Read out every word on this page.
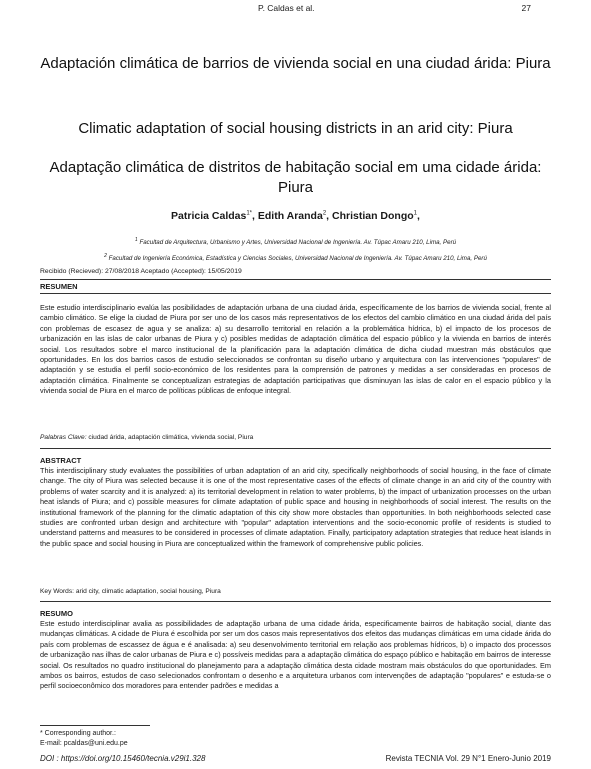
P. Caldas et al.	27
Adaptación climática de barrios de vivienda social en una ciudad árida: Piura
Climatic adaptation of social housing districts in an arid city: Piura
Adaptação climática de distritos de habitação social em uma cidade árida: Piura
Patricia Caldas$^{1*}$, Edith Aranda$^2$, Christian Dongo$^1$,
$^1$ Facultad de Arquitectura, Urbanismo y Artes, Universidad Nacional de Ingeniería. Av. Túpac Amaru 210, Lima, Perú
$^2$ Facultad de Ingeniería Económica, Estadística y Ciencias Sociales, Universidad Nacional de Ingeniería. Av. Túpac Amaru 210, Lima, Perú
Recibido (Recieved): 27/08/2018 Aceptado (Accepted): 15/05/2019
RESUMEN

Este estudio interdisciplinario evalúa las posibilidades de adaptación urbana de una ciudad árida, específicamente de los barrios de vivienda social, frente al cambio climático. Se elige la ciudad de Piura por ser uno de los casos más representativos de los efectos del cambio climático en una ciudad árida del país con problemas de escasez de agua y se analiza: a) su desarrollo territorial en relación a la problemática hídrica, b) el impacto de los procesos de urbanización en las islas de calor urbanas de Piura y c) posibles medidas de adaptación climática del espacio público y la vivienda en barrios de interés social. Los resultados sobre el marco institucional de la planificación para la adaptación climática de dicha ciudad muestran más obstáculos que oportunidades. En los dos barrios casos de estudio seleccionados se confrontan su diseño urbano y arquitectura con las intervenciones "populares" de adaptación y se estudia el perfil socio-económico de los residentes para la comprensión de patrones y medidas a ser consideradas en procesos de adaptación climática. Finalmente se conceptualizan estrategias de adaptación participativas que disminuyan las islas de calor en el espacio público y la vivienda social de Piura en el marco de políticas públicas de enfoque integral.

Palabras Clave: ciudad árida, adaptación climática, vivienda social, Piura
ABSTRACT

This interdisciplinary study evaluates the possibilities of urban adaptation of an arid city, specifically neighborhoods of social housing, in the face of climate change. The city of Piura was selected because it is one of the most representative cases of the effects of climate change in an arid city of the country with problems of water scarcity and it is analyzed: a) its territorial development in relation to water problems, b) the impact of urbanization processes on the urban heat islands of Piura; and c) possible measures for climate adaptation of public space and housing in neighborhoods of social interest. The results on the institutional framework of the planning for the climatic adaptation of this city show more obstacles than opportunities. In both neighborhoods selected case studies are confronted urban design and architecture with "popular" adaptation interventions and the socio-economic profile of residents is studied to understand patterns and measures to be considered in processes of climate adaptation. Finally, participatory adaptation strategies that reduce heat islands in the public space and social housing in Piura are conceptualized within the framework of comprehensive public policies.

Key Words: arid city, climatic adaptation, social housing, Piura
RESUMO

Este estudo interdisciplinar avalia as possibilidades de adaptação urbana de uma cidade árida, especificamente bairros de habitação social, diante das mudanças climáticas. A cidade de Piura é escolhida por ser um dos casos mais representativos dos efeitos das mudanças climáticas em uma cidade árida do país com problemas de escassez de água e é analisada: a) seu desenvolvimento territorial em relação aos problemas hídricos, b) o impacto dos processos de urbanização nas ilhas de calor urbanas de Piura e c) possíveis medidas para a adaptação climática do espaço público e habitação em bairros de interesse social. Os resultados no quadro institucional do planejamento para a adaptação climática desta cidade mostram mais obstáculos do que oportunidades. Em ambos os bairros, estudos de caso selecionados confrontam o desenho e a arquitetura urbanos com intervenções de adaptação "populares" e estuda-se o perfil socioeconômico dos moradores para entender padrões e medidas a

* Corresponding author.:
E-mail: pcaldas@uni.edu.pe
DOI : https://doi.org/10.15460/tecnia.v29i1.328	Revista TECNIA Vol. 29 N°1 Enero-Junio 2019
